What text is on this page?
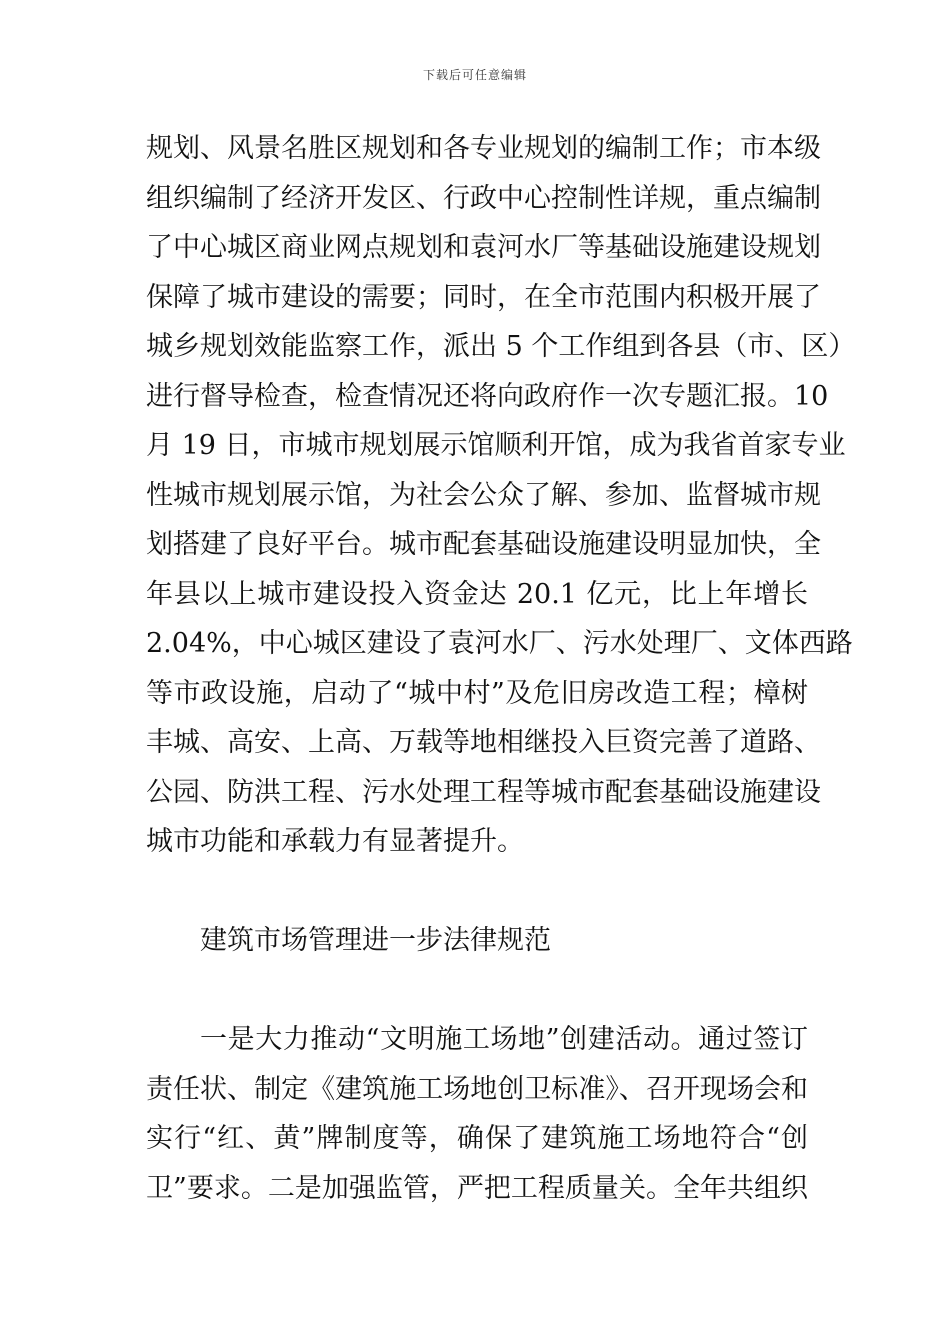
下载后可任意编辑
规划、风景名胜区规划和各专业规划的编制工作；市本级
组织编制了经济开发区、行政中心控制性详规，重点编制
了中心城区商业网点规划和袁河水厂等基础设施建设规划
保障了城市建设的需要；同时，在全市范围内积极开展了
城乡规划效能监察工作，派出 5 个工作组到各县（市、区）
进行督导检查，检查情况还将向政府作一次专题汇报。10
月 19 日，市城市规划展示馆顺利开馆，成为我省首家专业
性城市规划展示馆，为社会公众了解、参加、监督城市规
划搭建了良好平台。城市配套基础设施建设明显加快，全
年县以上城市建设投入资金达 20.1 亿元，比上年增长
2.04%，中心城区建设了袁河水厂、污水处理厂、文体西路
等市政设施，启动了“城中村”及危旧房改造工程；樟树
丰城、高安、上高、万载等地相继投入巨资完善了道路、
公园、防洪工程、污水处理工程等城市配套基础设施建设
城市功能和承载力有显著提升。
建筑市场管理进一步法律规范
一是大力推动“文明施工场地”创建活动。通过签订
责任状、制定《建筑施工场地创卫标准》、召开现场会和
实行“红、黄”牌制度等，确保了建筑施工场地符合“创
卫”要求。二是加强监管，严把工程质量关。全年共组织
